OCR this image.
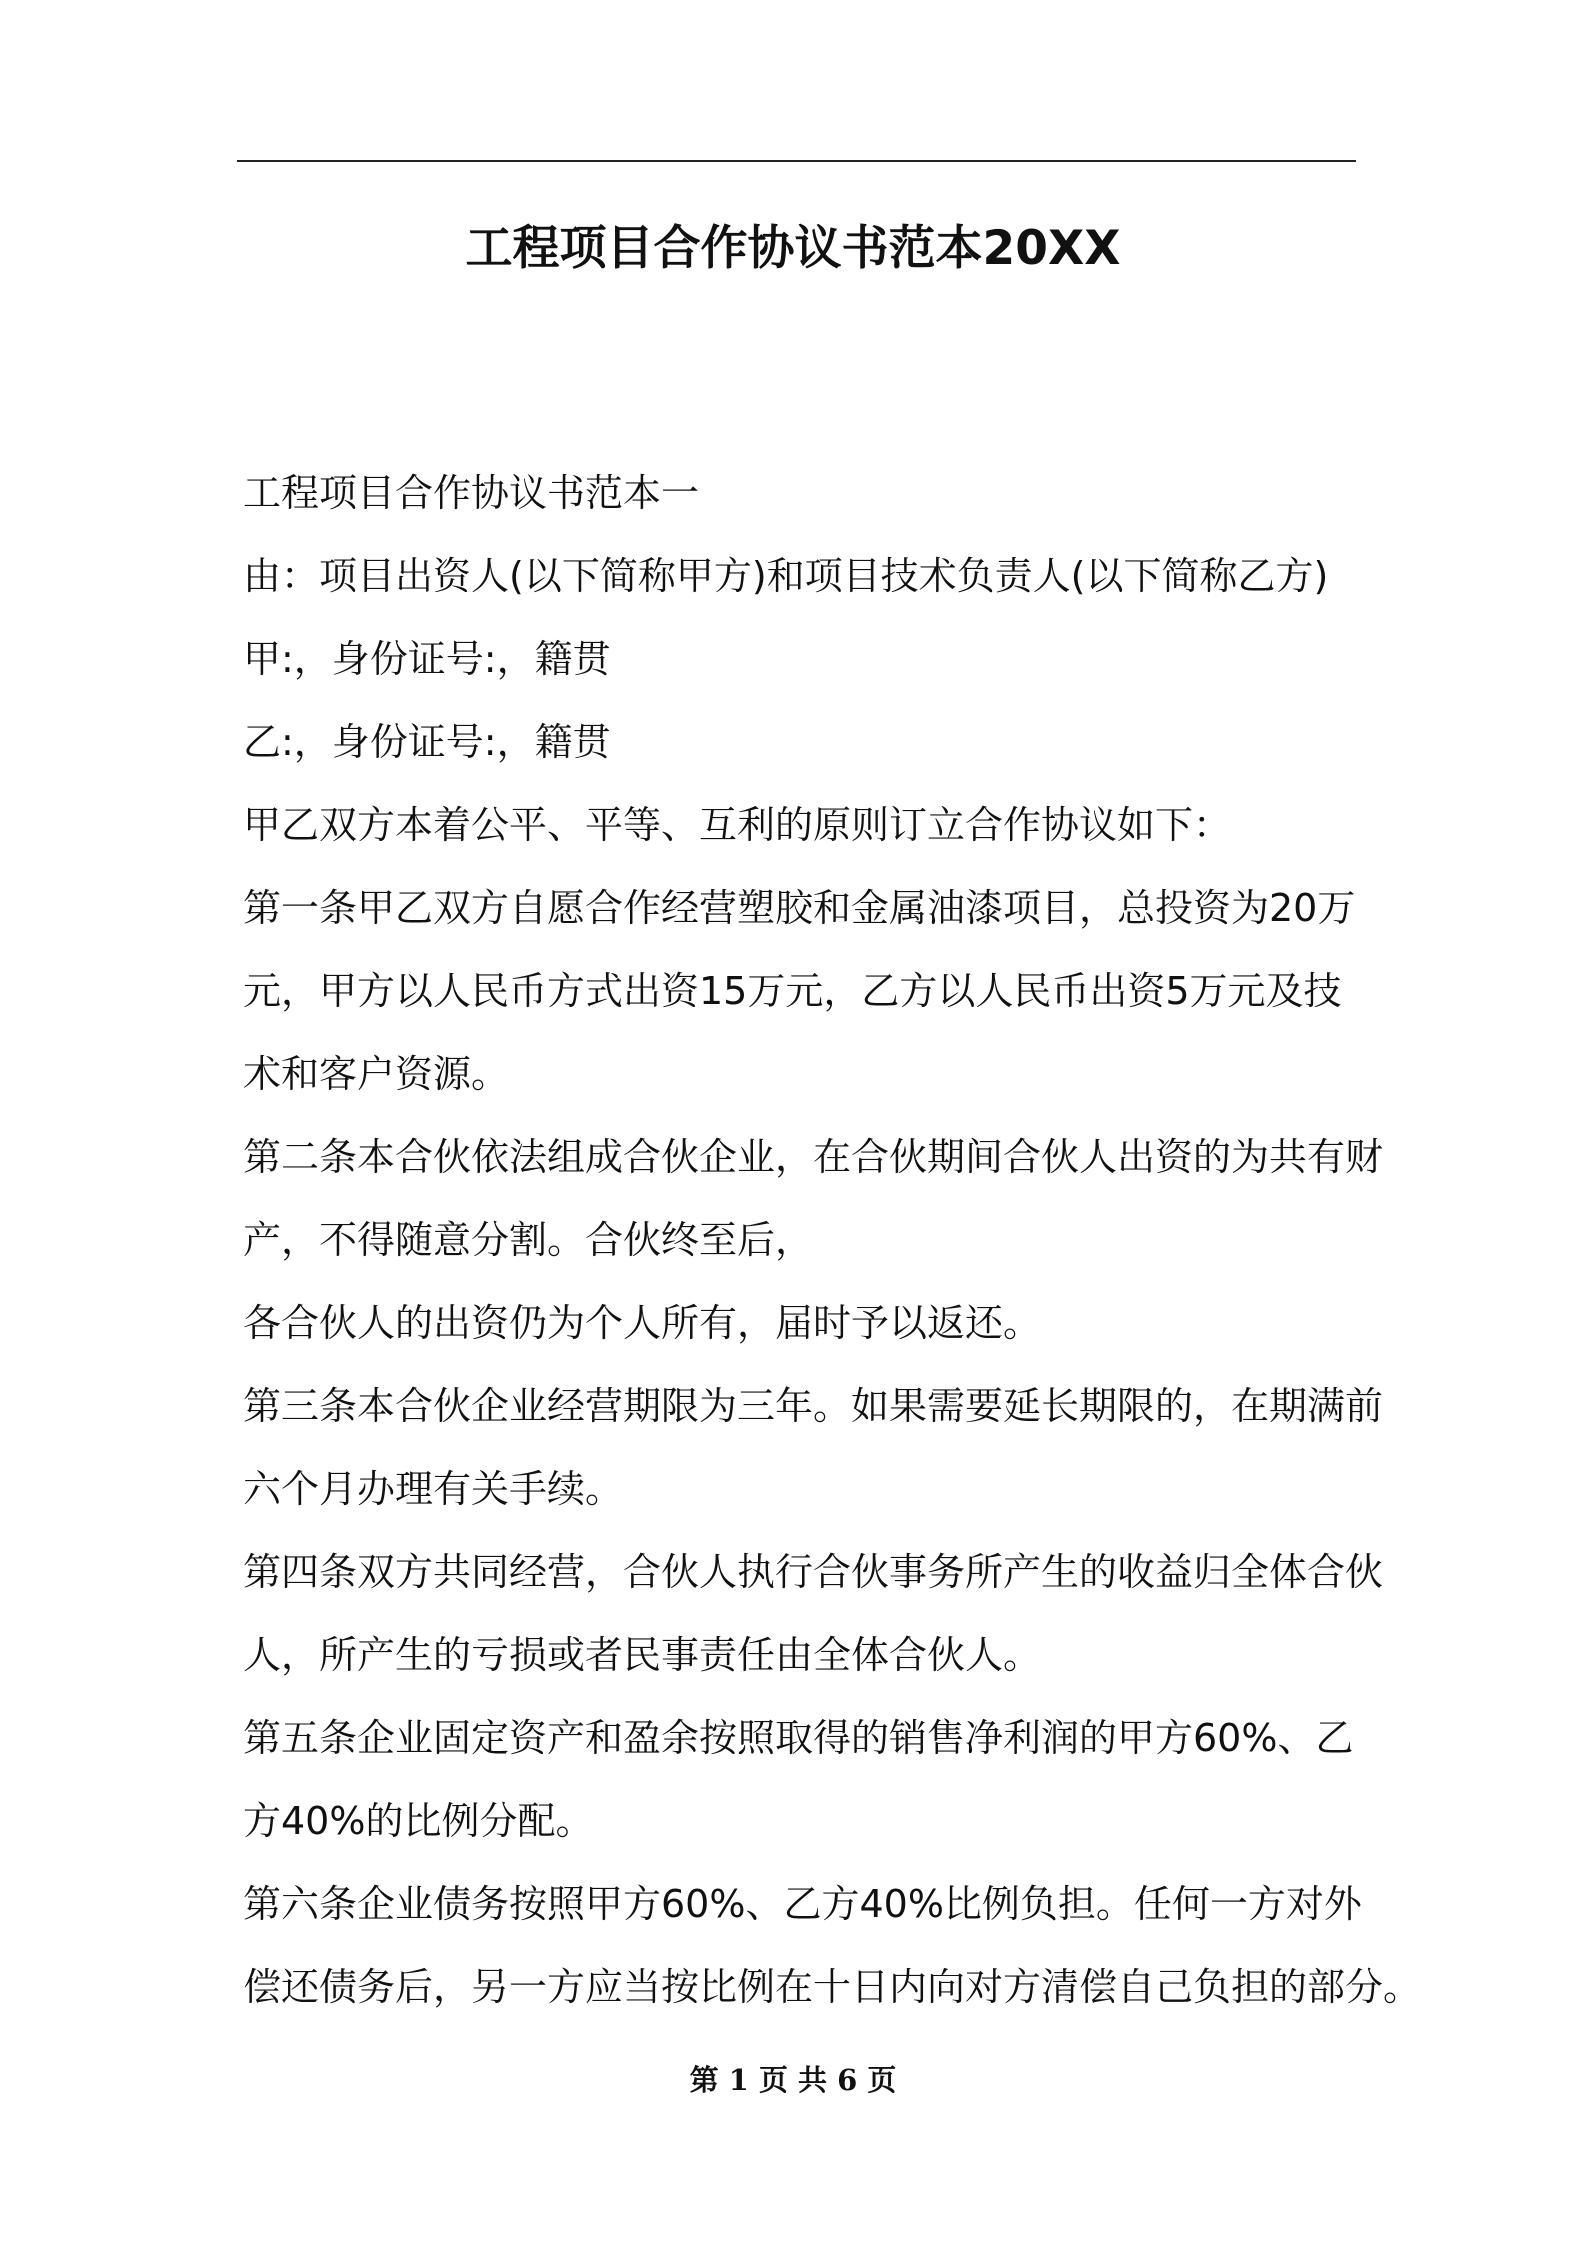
工程项目合作协议书范本20XX
工程项目合作协议书范本一
由：项目出资人(以下简称甲方)和项目技术负责人(以下简称乙方)
甲:，身份证号:，籍贯
乙:，身份证号:，籍贯
甲乙双方本着公平、平等、互利的原则订立合作协议如下：
第一条甲乙双方自愿合作经营塑胶和金属油漆项目，总投资为20万
元，甲方以人民币方式出资15万元，乙方以人民币出资5万元及技
术和客户资源。
第二条本合伙依法组成合伙企业，在合伙期间合伙人出资的为共有财
产，不得随意分割。合伙终至后，
各合伙人的出资仍为个人所有，届时予以返还。
第三条本合伙企业经营期限为三年。如果需要延长期限的，在期满前
六个月办理有关手续。
第四条双方共同经营，合伙人执行合伙事务所产生的收益归全体合伙
人，所产生的亏损或者民事责任由全体合伙人。
第五条企业固定资产和盈余按照取得的销售净利润的甲方60%、乙
方40%的比例分配。
第六条企业债务按照甲方60%、乙方40%比例负担。任何一方对外
偿还债务后，另一方应当按比例在十日内向对方清偿自己负担的部分。
第 1 页 共 6 页
